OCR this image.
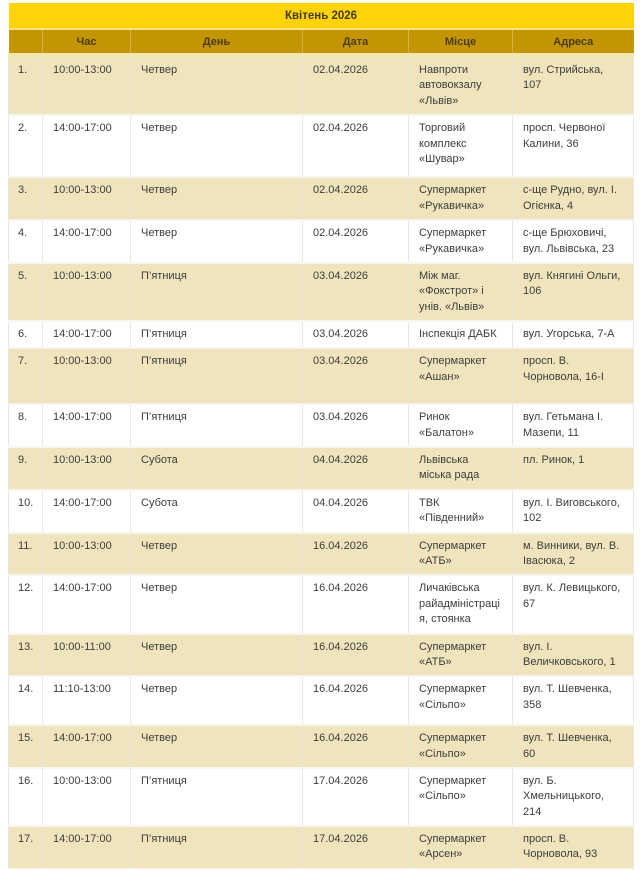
Квітень 2026					
	Час	День	Дата	Місце	Адреса
1.	10:00-13:00	Четвер	02.04.2026	Навпроти автовокзалу «Львів»	вул. Стрийська, 107
2.	14:00-17:00	Четвер	02.04.2026	Торговий комплекс «Шувар»	просп. Червоної Калини, 36
3.	10:00-13:00	Четвер	02.04.2026	Супермаркет «Рукавичка»	с-ще Рудно, вул. І. Огієнка, 4
4.	14:00-17:00	Четвер	02.04.2026	Супермаркет «Рукавичка»	с-ще Брюховичі, вул. Львівська, 23
5.	10:00-13:00	П’ятниця	03.04.2026	Між маг. «Фокстрот» і унів. «Львів»	вул. Княгині Ольги, 106
6.	14:00-17:00	П’ятниця	03.04.2026	Інспекція ДАБК	вул. Угорська, 7-А
7.	10:00-13:00	П’ятниця	03.04.2026	Супермаркет «Ашан»	просп. В. Чорновола, 16-І
8.	14:00-17:00	П’ятниця	03.04.2026	Ринок «Балатон»	вул. Гетьмана І. Мазепи, 11
9.	10:00-13:00	Субота	04.04.2026	Львівська міська рада	пл. Ринок, 1
10.	14:00-17:00	Субота	04.04.2026	ТВК «Південний»	вул. І. Виговського, 102
11.	10:00-13:00	Четвер	16.04.2026	Супермаркет «АТБ»	м. Винники, вул. В. Івасюка, 2
12.	14:00-17:00	Четвер	16.04.2026	Личаківська райадміністрація, стоянка	вул. К. Левицького, 67
13.	10:00-11:00	Четвер	16.04.2026	Супермаркет «АТБ»	вул. І. Величковського, 1
14.	11:10-13:00	Четвер	16.04.2026	Супермаркет «Сільпо»	вул. Т. Шевченка, 358
15.	14:00-17:00	Четвер	16.04.2026	Супермаркет «Сільпо»	вул. Т. Шевченка, 60
16.	10:00-13:00	П’ятниця	17.04.2026	Супермаркет «Сільпо»	вул. Б. Хмельницького, 214
17.	14:00-17:00	П’ятниця	17.04.2026	Супермаркет «Арсен»	просп. В. Чорновола, 93
